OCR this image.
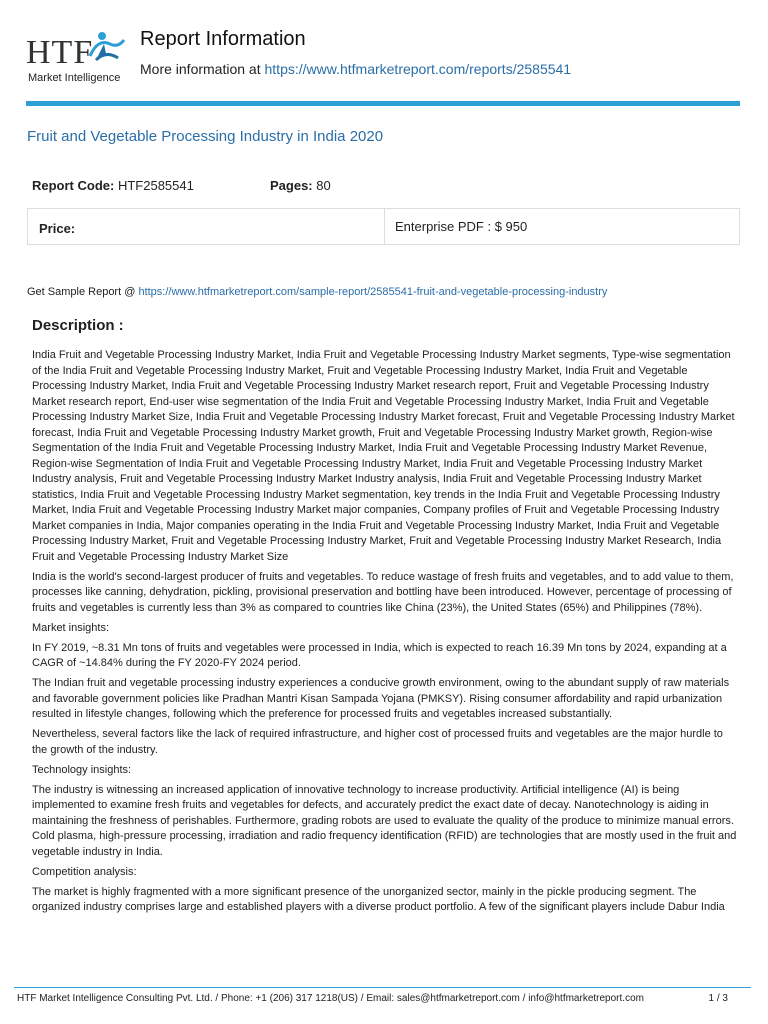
HTF
Market Intelligence
Report Information
More information at https://www.htfmarketreport.com/reports/2585541
Fruit and Vegetable Processing Industry in India 2020
Report Code: HTF2585541	Pages: 80
Price:	Enterprise PDF : $ 950
Get Sample Report @ https://www.htfmarketreport.com/sample-report/2585541-fruit-and-vegetable-processing-industry
Description :

India Fruit and Vegetable Processing Industry Market, India Fruit and Vegetable Processing Industry Market segments, Type-wise segmentation of the India Fruit and Vegetable Processing Industry Market, Fruit and Vegetable Processing Industry Market, India Fruit and Vegetable Processing Industry Market, India Fruit and Vegetable Processing Industry Market research report, Fruit and Vegetable Processing Industry Market research report, End-user wise segmentation of the India Fruit and Vegetable Processing Industry Market, India Fruit and Vegetable Processing Industry Market Size, India Fruit and Vegetable Processing Industry Market forecast, Fruit and Vegetable Processing Industry Market forecast, India Fruit and Vegetable Processing Industry Market growth, Fruit and Vegetable Processing Industry Market growth, Region-wise Segmentation of the India Fruit and Vegetable Processing Industry Market, India Fruit and Vegetable Processing Industry Market Revenue, Region-wise Segmentation of India Fruit and Vegetable Processing Industry Market, India Fruit and Vegetable Processing Industry Market Industry analysis, Fruit and Vegetable Processing Industry Market Industry analysis, India Fruit and Vegetable Processing Industry Market statistics, India Fruit and Vegetable Processing Industry Market segmentation, key trends in the India Fruit and Vegetable Processing Industry Market, India Fruit and Vegetable Processing Industry Market major companies, Company profiles of Fruit and Vegetable Processing Industry Market companies in India, Major companies operating in the India Fruit and Vegetable Processing Industry Market, India Fruit and Vegetable Processing Industry Market, Fruit and Vegetable Processing Industry Market, Fruit and Vegetable Processing Industry Market Research, India Fruit and Vegetable Processing Industry Market Size

India is the world's second-largest producer of fruits and vegetables. To reduce wastage of fresh fruits and vegetables, and to add value to them, processes like canning, dehydration, pickling, provisional preservation and bottling have been introduced. However, percentage of processing of fruits and vegetables is currently less than 3% as compared to countries like China (23%), the United States (65%) and Philippines (78%).

Market insights:

In FY 2019, ~8.31 Mn tons of fruits and vegetables were processed in India, which is expected to reach 16.39 Mn tons by 2024, expanding at a CAGR of ~14.84% during the FY 2020-FY 2024 period.

The Indian fruit and vegetable processing industry experiences a conducive growth environment, owing to the abundant supply of raw materials and favorable government policies like Pradhan Mantri Kisan Sampada Yojana (PMKSY). Rising consumer affordability and rapid urbanization resulted in lifestyle changes, following which the preference for processed fruits and vegetables increased substantially.

Nevertheless, several factors like the lack of required infrastructure, and higher cost of processed fruits and vegetables are the major hurdle to the growth of the industry.

Technology insights:

The industry is witnessing an increased application of innovative technology to increase productivity. Artificial intelligence (AI) is being implemented to examine fresh fruits and vegetables for defects, and accurately predict the exact date of decay. Nanotechnology is aiding in maintaining the freshness of perishables. Furthermore, grading robots are used to evaluate the quality of the produce to minimize manual errors. Cold plasma, high-pressure processing, irradiation and radio frequency identification (RFID) are technologies that are mostly used in the fruit and vegetable industry in India.

Competition analysis:

The market is highly fragmented with a more significant presence of the unorganized sector, mainly in the pickle producing segment. The organized industry comprises large and established players with a diverse product portfolio. A few of the significant players include Dabur India

HTF Market Intelligence Consulting Pvt. Ltd. / Phone: +1 (206) 317 1218(US) / Email: sales@htfmarketreport.com / info@htfmarketreport.com	1 / 3
